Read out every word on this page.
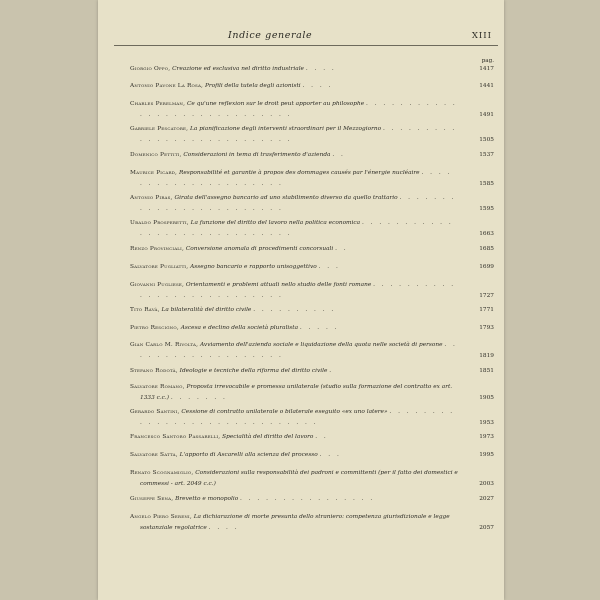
Indice generale	XIII
pag.
Giorgio Oppo, Creazione ed esclusiva nel diritto industriale . . . .	1417
Antonio Pavone La Rosa, Profili della tutela degli azionisti . . . .	1441
Charles Perelman, Ce qu'une reflexion sur le droit peut apporter au philosophe . . . . . . . . . . . . . . . . . . . . . . . . . . . . .	1491
Gabriele Pescatore, La pianificazione degli interventi straordinari per il Mezzogiorno . . . . . . . . . . . . . . . . . . . . . . . . . . .	1505
Domenico Pettiti, Considerazioni in tema di trasferimento d'azienda . .	1537
Maurice Picard, Responsabilité et garantie à propos des dommages causés par l'énergie nucléaire . . . . . . . . . . . . . . . . . . . . .	1585
Antonio Piras, Girata dell'assegno bancario ad uno stabilimento diverso da quello trattario . . . . . . . . . . . . . . . . . . . . . . . .	1595
Ubaldo Prosperetti, La funzione del diritto del lavoro nella politica economica . . . . . . . . . . . . . . . . . . . . . . . . . . . . .	1663
Renzo Provinciali, Conversione anomala di procedimenti concorsuali . .	1685
Salvatore Pugliatti, Assegno bancario e rapporto unisoggettivo . . .	1699
Giovanni Pugliese, Orientamenti e problemi attuali nello studio delle fonti romane . . . . . . . . . . . . . . . . . . . . . . . . . . .	1727
Tito Ravà, La bilateralità del diritto civile . . . . . . . . . .	1771
Pietro Rescigno, Ascesa e declino della società pluralista . . . . .	1793
Gian Carlo M. Rivolta, Avviamento dell'azienda sociale e liquidazione della quota nelle società di persone . . . . . . . . . . . . . . . . . . .	1819
Stefano Rodotà, Ideologie e tecniche della riforma del diritto civile .	1851
Salvatore Romano, Proposta irrevocabile e promessa unilaterale (studio sulla formazione del contratto ex art. 1333 c.c.) . . . . . . .	1905
Gerardo Santini, Cessione di contratto unilaterale o bilaterale eseguito «ex uno latere» . . . . . . . . . . . . . . . . . . . . . . . . . . . . .	1953
Francesco Santoro Passarelli, Specialità del diritto del lavoro . .	1973
Salvatore Satta, L'apporto di Ascarelli alla scienza del processo . . .	1995
Renato Scognamiglio, Considerazioni sulla responsabilità dei padroni e committenti (per il fatto dei domestici e commessi - art. 2049 c.c.)	2003
Giuseppe Sena, Brevetto e monopolio . . . . . . . . . . . . . . . .	2027
Angelo Piero Sereni, La dichiarazione di morte presunta dello straniero: competenza giurisdizionale e legge sostanziale regolatrice . . . .	2057
